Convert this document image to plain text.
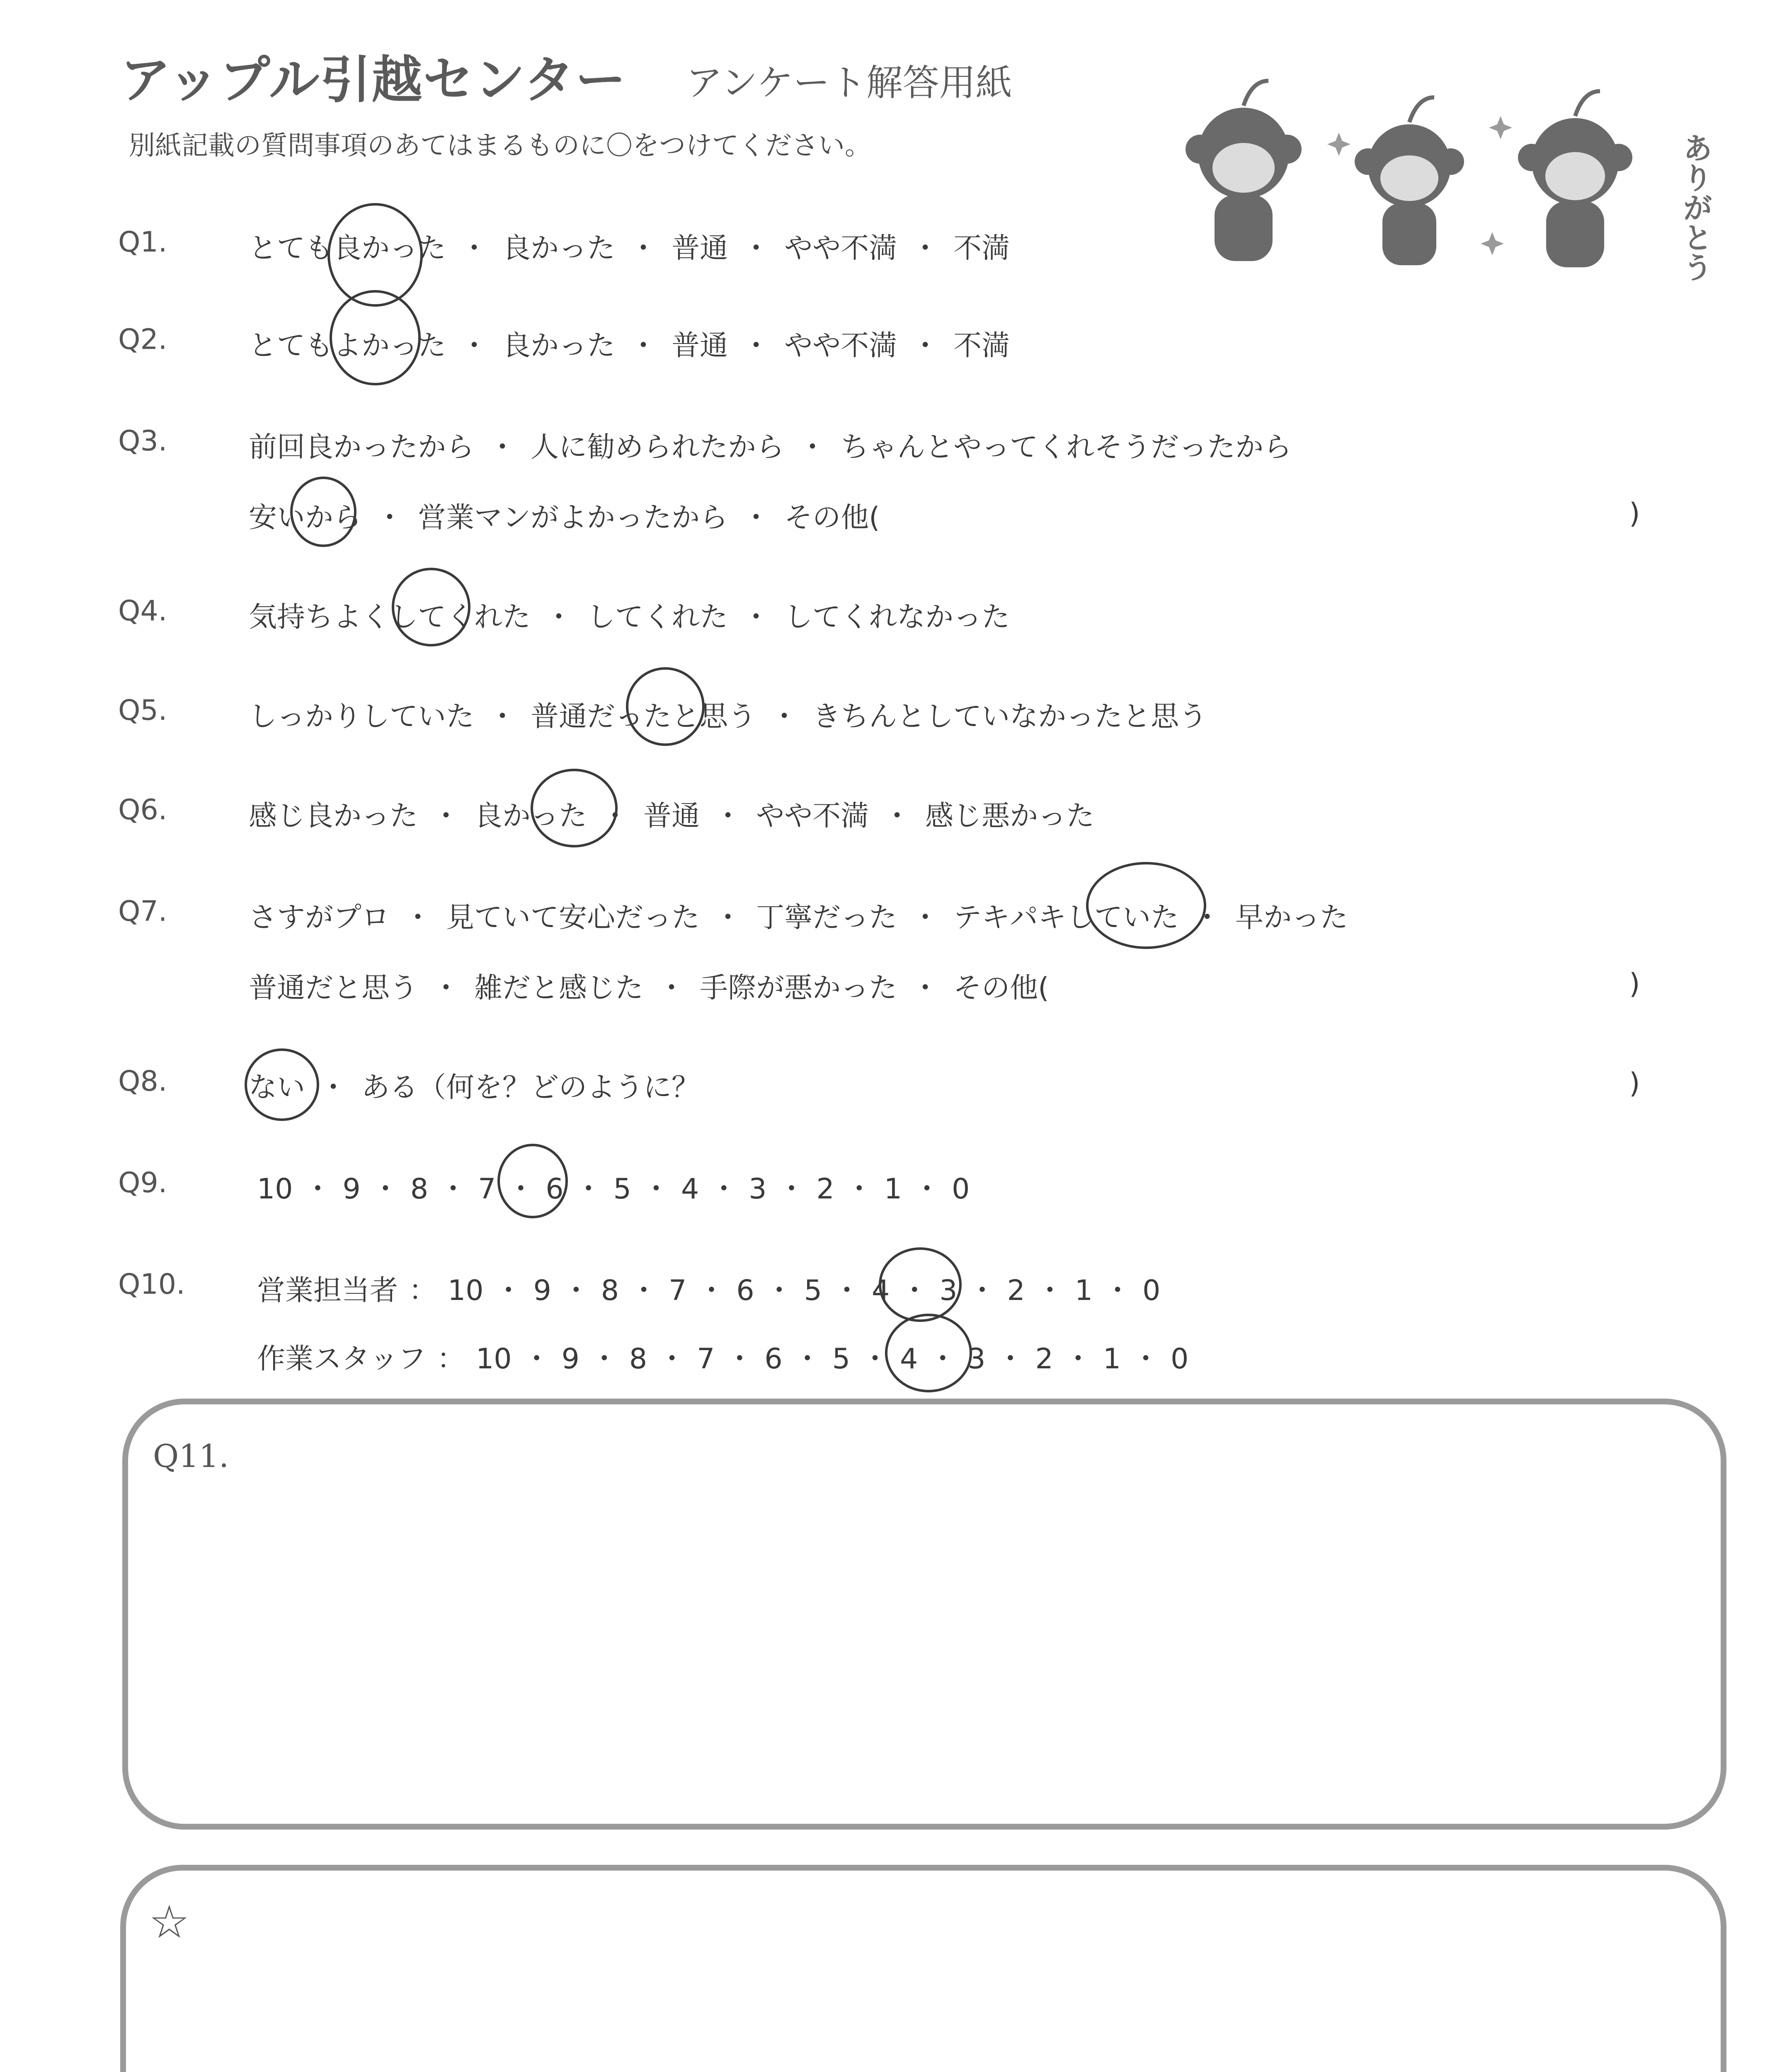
アップル引越センター アンケート解答用紙
別紙記載の質問事項のあてはまるものに〇をつけてください。	ありがとう
Q1.	とても良かった ・ 良かった ・ 普通 ・ やや不満 ・ 不満
Q2.	とてもよかった ・ 良かった ・ 普通 ・ やや不満 ・ 不満
Q3.	前回良かったから ・ 人に勧められたから ・ ちゃんとやってくれそうだったから
安いから ・ 営業マンがよかったから ・ その他(	)
Q4.	気持ちよくしてくれた ・ してくれた ・ してくれなかった
Q5.	しっかりしていた ・ 普通だったと思う ・ きちんとしていなかったと思う
Q6.	感じ良かった ・ 良かった ・ 普通 ・ やや不満 ・ 感じ悪かった
Q7.	さすがプロ ・ 見ていて安心だった ・ 丁寧だった ・ テキパキしていた ・ 早かった
普通だと思う ・ 雑だと感じた ・ 手際が悪かった ・ その他(	)
Q8.	ない ・ ある（何を？どのように？	)
Q9.	10 ・ 9 ・ 8 ・ 7 ・ 6 ・ 5 ・ 4 ・ 3 ・ 2 ・ 1 ・ 0
Q10.	営業担当者 ： 10 ・ 9 ・ 8 ・ 7 ・ 6 ・ 5 ・ 4 ・ 3 ・ 2 ・ 1 ・ 0
作業スタッフ ： 10 ・ 9 ・ 8 ・ 7 ・ 6 ・ 5 ・ 4 ・ 3 ・ 2 ・ 1 ・ 0
Q11.
☆
